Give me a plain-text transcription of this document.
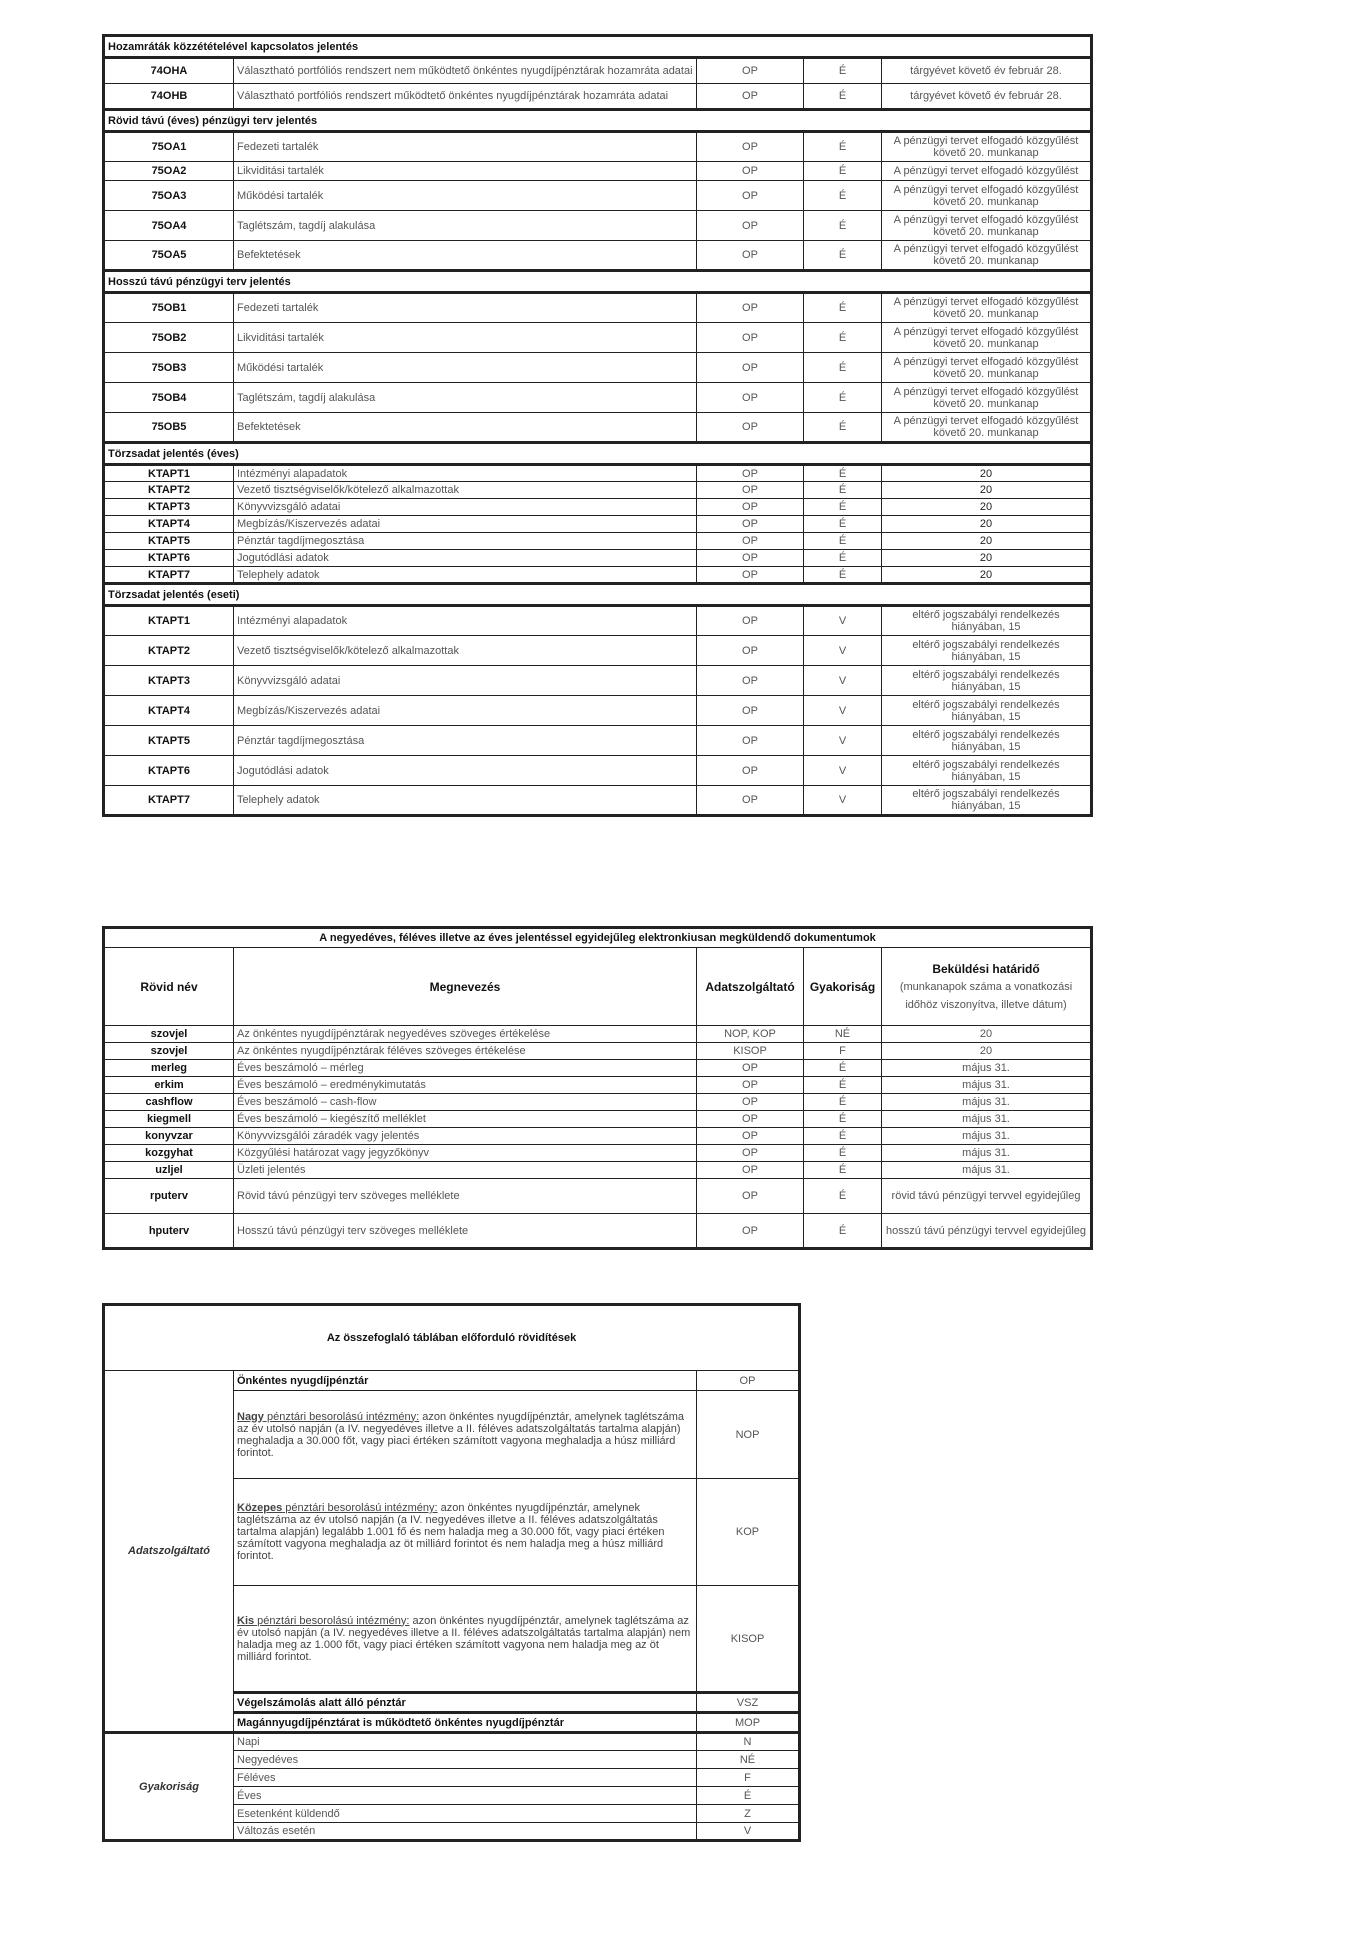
Hozamráták közzétételével kapcsolatos jelentés				
74OHA	Választható portfóliós rendszert nem működtető önkéntes nyugdíjpénztárak hozamráta adatai	OP	É	tárgyévet követő év február 28.
74OHB	Választható portfóliós rendszert működtető önkéntes nyugdíjpénztárak hozamráta adatai	OP	É	tárgyévet követő év február 28.
Rövid távú (éves) pénzügyi terv jelentés				
75OA1	Fedezeti tartalék	OP	É	A pénzügyi tervet elfogadó közgyűlést követő 20. munkanap
75OA2	Likviditási tartalék	OP	É	A pénzügyi tervet elfogadó közgyűlést
75OA3	Működési tartalék	OP	É	A pénzügyi tervet elfogadó közgyűlést követő 20. munkanap
75OA4	Taglétszám, tagdíj alakulása	OP	É	A pénzügyi tervet elfogadó közgyűlést követő 20. munkanap
75OA5	Befektetések	OP	É	A pénzügyi tervet elfogadó közgyűlést követő 20. munkanap
Hosszú távú pénzügyi terv jelentés				
75OB1	Fedezeti tartalék	OP	É	A pénzügyi tervet elfogadó közgyűlést követő 20. munkanap
75OB2	Likviditási tartalék	OP	É	A pénzügyi tervet elfogadó közgyűlést követő 20. munkanap
75OB3	Működési tartalék	OP	É	A pénzügyi tervet elfogadó közgyűlést követő 20. munkanap
75OB4	Taglétszám, tagdíj alakulása	OP	É	A pénzügyi tervet elfogadó közgyűlést követő 20. munkanap
75OB5	Befektetések	OP	É	A pénzügyi tervet elfogadó közgyűlést követő 20. munkanap
Törzsadat jelentés (éves)				
KTAPT1	Intézményi alapadatok	OP	É	20
KTAPT2	Vezető tisztségviselők/kötelező alkalmazottak	OP	É	20
KTAPT3	Könyvvizsgáló adatai	OP	É	20
KTAPT4	Megbízás/Kiszervezés adatai	OP	É	20
KTAPT5	Pénztár tagdíjmegosztása	OP	É	20
KTAPT6	Jogutódlási adatok	OP	É	20
KTAPT7	Telephely adatok	OP	É	20
Törzsadat jelentés (eseti)				
KTAPT1	Intézményi alapadatok	OP	V	eltérő jogszabályi rendelkezés hiányában, 15
KTAPT2	Vezető tisztségviselők/kötelező alkalmazottak	OP	V	eltérő jogszabályi rendelkezés hiányában, 15
KTAPT3	Könyvvizsgáló adatai	OP	V	eltérő jogszabályi rendelkezés hiányában, 15
KTAPT4	Megbízás/Kiszervezés adatai	OP	V	eltérő jogszabályi rendelkezés hiányában, 15
KTAPT5	Pénztár tagdíjmegosztása	OP	V	eltérő jogszabályi rendelkezés hiányában, 15
KTAPT6	Jogutódlási adatok	OP	V	eltérő jogszabályi rendelkezés hiányában, 15
KTAPT7	Telephely adatok	OP	V	eltérő jogszabályi rendelkezés hiányában, 15
A negyedéves, féléves illetve az éves jelentéssel egyidejűleg elektronkiusan megküldendő dokumentumok				
Rövid név	Megnevezés	Adatszolgáltató	Gyakoriság	Beküldési határidő
(munkanapok száma a vonatkozási időhöz viszonyítva, illetve dátum)

szovjel	Az önkéntes nyugdíjpénztárak negyedéves szöveges értékelése	NOP, KOP	NÉ	20
szovjel	Az önkéntes nyugdíjpénztárak féléves szöveges értékelése	KISOP	F	20
merleg	Éves beszámoló – mérleg	OP	É	május 31.
erkim	Éves beszámoló – eredménykimutatás	OP	É	május 31.
cashflow	Éves beszámoló – cash-flow	OP	É	május 31.
kiegmell	Éves beszámoló – kiegészítő melléklet	OP	É	május 31.
konyvzar	Könyvvizsgálói záradék vagy jelentés	OP	É	május 31.
kozgyhat	Közgyűlési határozat vagy jegyzőkönyv	OP	É	május 31.
uzljel	Üzleti jelentés	OP	É	május 31.
rputerv	Rövid távú pénzügyi terv szöveges melléklete	OP	É	rövid távú pénzügyi tervvel egyidejűleg
hputerv	Hosszú távú pénzügyi terv szöveges melléklete	OP	É	hosszú távú pénzügyi tervvel egyidejűleg
Az összefoglaló táblában előforduló rövidítések		
Adatszolgáltató	Önkéntes nyugdíjpénztár	OP
	Nagy pénztári besorolású intézmény: azon önkéntes nyugdíjpénztár, amelynek taglétszáma az év utolsó napján (a IV. negyedéves illetve a II. féléves adatszolgáltatás tartalma alapján) meghaladja a 30.000 főt, vagy piaci értéken számított vagyona meghaladja a húsz milliárd forintot.	NOP
	Közepes pénztári besorolású intézmény: azon önkéntes nyugdíjpénztár, amelynek taglétszáma az év utolsó napján (a IV. negyedéves illetve a II. féléves adatszolgáltatás tartalma alapján) legalább 1.001 fő és nem haladja meg a 30.000 főt, vagy piaci értéken számított vagyona meghaladja az öt milliárd forintot és nem haladja meg a húsz milliárd forintot.	KOP
	Kis pénztári besorolású intézmény: azon önkéntes nyugdíjpénztár, amelynek taglétszáma az év utolsó napján (a IV. negyedéves illetve a II. féléves adatszolgáltatás tartalma alapján) nem haladja meg az 1.000 főt, vagy piaci értéken számított vagyona nem haladja meg az öt milliárd forintot.	KISOP
	Végelszámolás alatt álló pénztár	VSZ
	Magánnyugdíjpénztárat is működtető önkéntes nyugdíjpénztár	MOP
Gyakoriság	Napi	N
	Negyedéves	NÉ
	Féléves	F
	Éves	É
	Esetenként küldendő	Z
	Változás esetén	V
